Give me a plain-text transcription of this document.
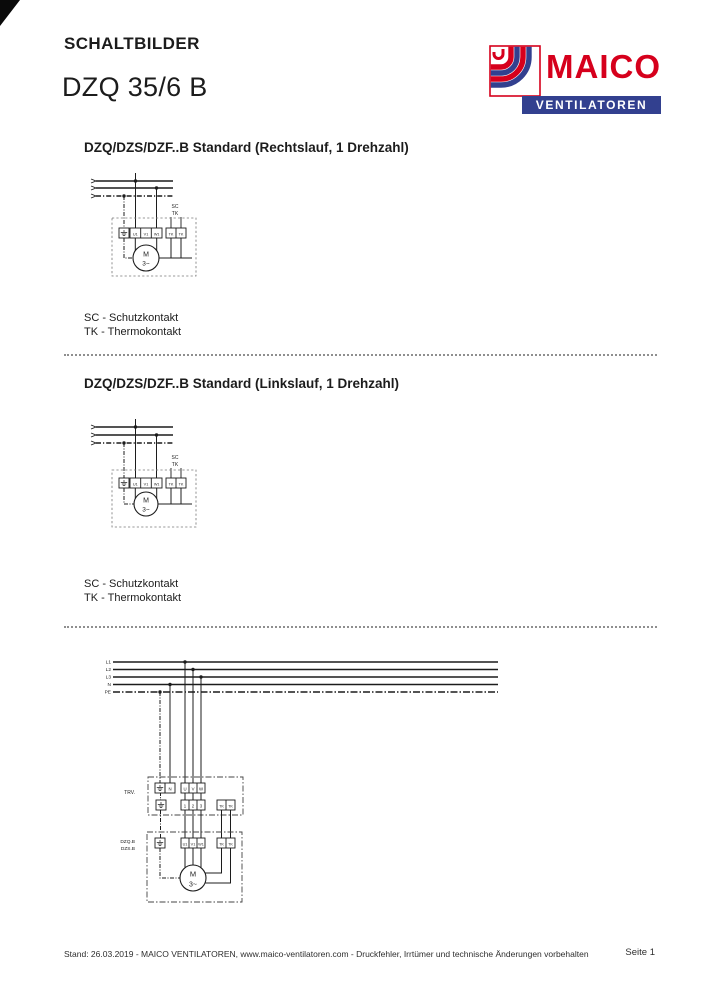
SCHALTBILDER
DZQ 35/6 B
MAICO
VENTILATOREN
DZQ/DZS/DZF..B Standard (Rechtslauf, 1 Drehzahl)
SC
TK
U1 V1 W1 TK TK
M
3~
SC - Schutzkontakt
TK - Thermokontakt
DZQ/DZS/DZF..B Standard (Linkslauf, 1 Drehzahl)
SC
TK
U1 V1 W1 TK TK
M
3~
SC - Schutzkontakt
TK - Thermokontakt
L1
L2
L3
N
PE
TRV.
N	U V W
1 2 3	TK TK
DZQ.B
DZS.B
U1 V1 W1	TK TK
M
3~
Stand: 26.03.2019 - MAICO VENTILATOREN, www.maico-ventilatoren.com - Druckfehler, Irrtümer und technische Änderungen vorbehalten	Seite 1
